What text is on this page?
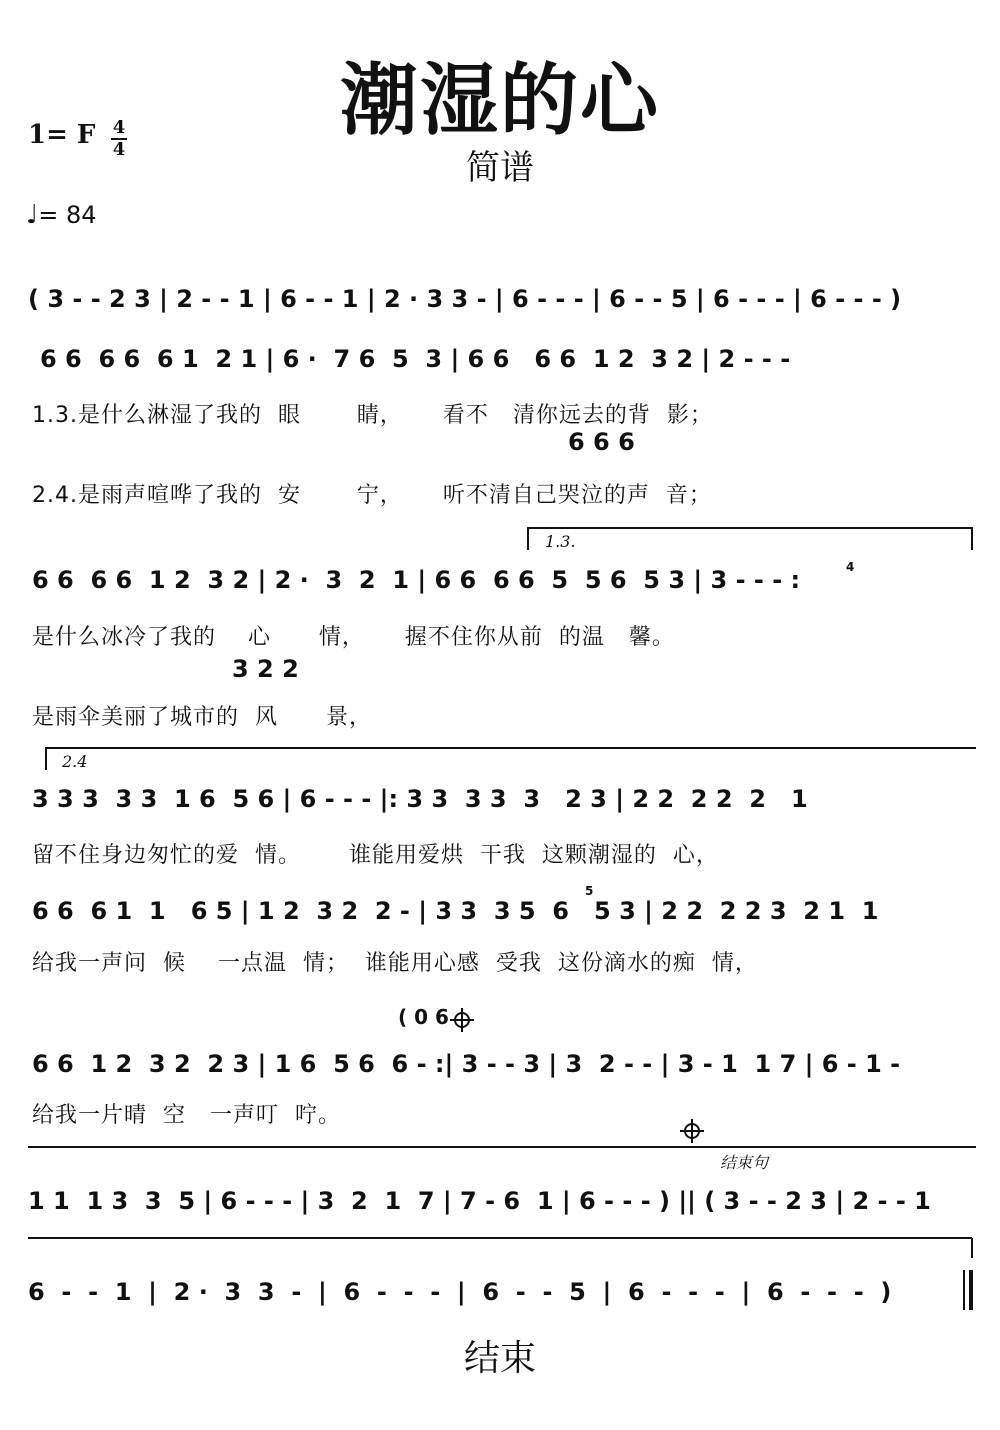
潮湿的心
简谱
1= F 4
4
♩= 84
( 3 - - 2 3 | 2 - - 1 | 6 - - 1 | 2 · 3 3 - | 6 - - - | 6 - - 5 | 6 - - - | 6 - - - )
6 6  6 6  6 1  2 1 | 6 ·  7 6  5  3 | 6 6   6 6  1 2  3 2 | 2 - - -
1.3.是什么淋湿了我的  眼       睛，     看不   清你远去的背  影；
6 6 6
2.4.是雨声喧哗了我的  安       宁，     听不清自己哭泣的声  音；
1.3.
6 6  6 6  1 2  3 2 | 2 ·  3  2  1 | 6 6  6 6  5  5 6  5 3 | 3 - - - :	4
是什么冰冷了我的    心      情，     握不住你从前  的温   馨。
3 2 2
是雨伞美丽了城市的  风      景，
2.4
3 3 3  3 3  1 6  5 6 | 6 - - - |: 3 3  3 3  3   2 3 | 2 2  2 2  2   1
留不住身边匆忙的爱  情。      谁能用爱烘  干我  这颗潮湿的  心，
6 6  6 1  1   6 5 | 1 2  3 2  2 - | 3 3  3 5  6   5 3 | 2 2  2 2 3  2 1  1
5
给我一声问  候    一点温  情；  谁能用心感  受我  这份滴水的痴  情，
( 0 6
6 6  1 2  3 2  2 3 | 1 6  5 6  6 - :| 3 - - 3 | 3  2 - - | 3 - 1  1 7 | 6 - 1 -
给我一片晴  空   一声叮  咛。
结束句
1 1  1 3  3  5 | 6 - - - | 3  2  1  7 | 7 - 6  1 | 6 - - - ) || ( 3 - - 2 3 | 2 - - 1
6  -  -  1  |  2 ·  3  3  -  |  6  -  -  -  |  6  -  -  5  |  6  -  -  -  |  6  -  -  -  )
结束
